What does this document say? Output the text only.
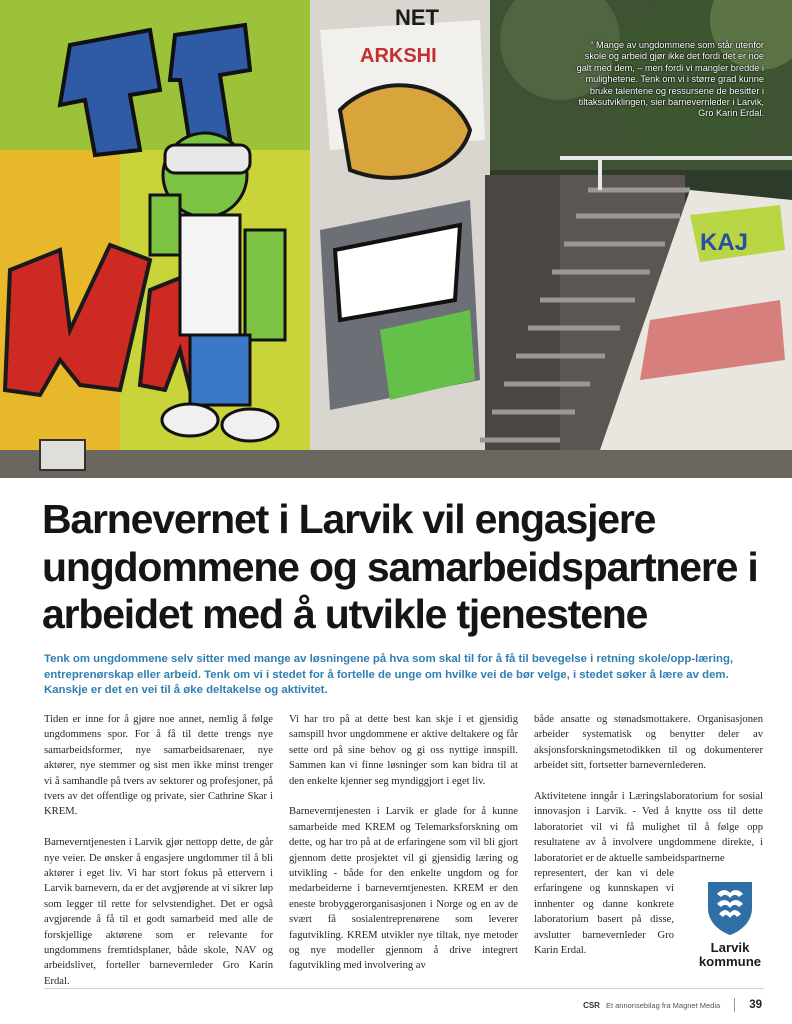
NET
ARKSHI
KAJ
“ Mange av ungdommene som står utenfor skole og arbeid gjør ikke det fordi det er noe galt med dem, – men fordi vi mangler bredde i mulighetene. Tenk om vi i større grad kunne bruke talentene og ressursene de besitter i tiltaksutviklingen, sier barnevernleder i Larvik, Gro Karin Erdal.
Barnevernet i Larvik vil engasjere ungdommene og samarbeidspartnere i arbeidet med å utvikle tjenestene

Tenk om ungdommene selv sitter med mange av løsningene på hva som skal til for å få til bevegelse i retning skole/opp-læring, entreprenørskap eller arbeid. Tenk om vi i stedet for å fortelle de unge om hvilke vei de bør velge, i stedet søker å lære av dem. Kanskje er det en vei til å øke deltakelse og aktivitet.

Tiden er inne for å gjøre noe annet, nemlig å følge ungdommens spor. For å få til dette trengs nye samarbeidsformer, nye samarbeidsarenaer, nye aktører, nye stemmer og sist men ikke minst trenger vi å samhandle på tvers av sektorer og profesjoner, på tvers av det offentlige og private, sier Cathrine Skar i KREM.

Barneverntjenesten i Larvik gjør nettopp dette, de går nye veier. De ønsker å engasjere ungdommer til å bli aktører i eget liv. Vi har stort fokus på ettervern i Larvik barnevern, da er det avgjørende at vi sikrer løp som legger til rette for selvstendighet. Det er også avgjørende å få til et godt samarbeid med alle de forskjellige aktørene som er relevante for ungdommens fremtidsplaner, både skole, NAV og arbeidslivet, forteller barnevernleder Gro Karin Erdal.

Vi har tro på at dette best kan skje i et gjensidig samspill hvor ungdommene er aktive deltakere og får sette ord på sine behov og gi oss nyttige innspill. Sammen kan vi finne løsninger som kan bidra til at den enkelte kjenner seg myndiggjort i eget liv.

Barneverntjenesten i Larvik er glade for å kunne samarbeide med KREM og Telemarksforskning om dette, og har tro på at de erfaringene som vil bli gjort gjennom dette prosjektet vil gi gjensidig læring og utvikling - både for den enkelte ungdom og for medarbeiderne i barneverntjenesten. KREM er den eneste brobyggerorganisasjonen i Norge og en av de svært få sosialentreprenørene som leverer fagutvikling. KREM utvikler nye tiltak, nye metoder og nye modeller gjennom å drive integrert fagutvikling med involvering av

både ansatte og stønadsmottakere. Organisasjonen arbeider systematisk og benytter deler av aksjonsforskningsmetodikken til og dokumenterer arbeidet sitt, fortsetter barnevernlederen.

Aktivitetene inngår i Læringslaboratorium for sosial innovasjon i Larvik. - Ved å knytte oss til dette laboratoriet vil vi få mulighet til å følge opp resultatene av å involvere ungdommene direkte, i laboratoriet er de aktuelle sambeidspartnerne

representert, der kan vi dele erfaringene og kunnskapen vi innhenter og danne konkrete laboratorium basert på disse, avslutter barnevernleder Gro Karin Erdal.	Larvik
kommune
CSR Et annonsebilag fra Magnet Media	39
